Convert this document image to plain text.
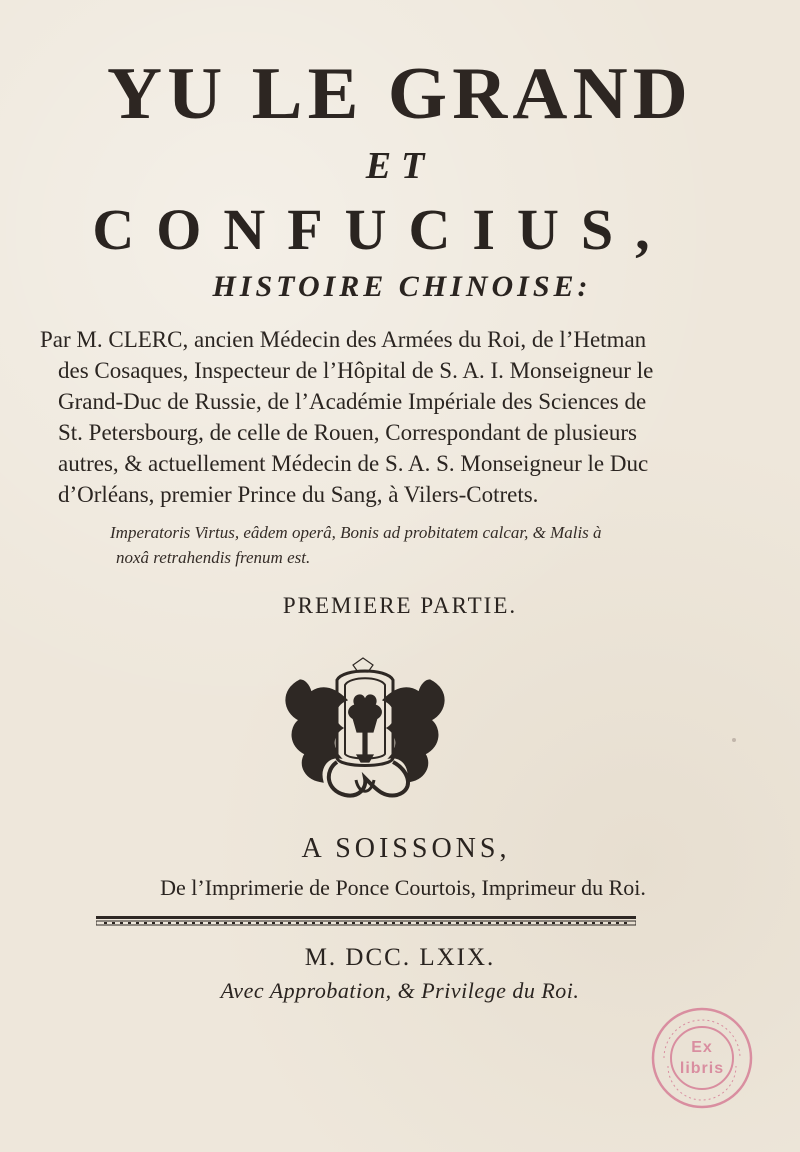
YU LE GRAND
ET
CONFUCIUS,
HISTOIRE CHINOISE:
Par M. CLERC, ancien Médecin des Armées du Roi, de l’Hetman
des Cosaques, Inspecteur de l’Hôpital de S. A. I. Monseigneur le
Grand-Duc de Russie, de l’Académie Impériale des Sciences de
St. Petersbourg, de celle de Rouen, Correspondant de plusieurs
autres, & actuellement Médecin de S. A. S. Monseigneur le Duc
d’Orléans, premier Prince du Sang, à Vilers-Cotrets.
Imperatoris Virtus, eâdem operâ, Bonis ad probitatem calcar, & Malis à
noxâ retrahendis frenum est.
PREMIERE PARTIE.
A SOISSONS,
De l’Imprimerie de Ponce Courtois, Imprimeur du Roi.
M. DCC. LXIX.
Avec Approbation, & Privilege du Roi.
Ex
libris
